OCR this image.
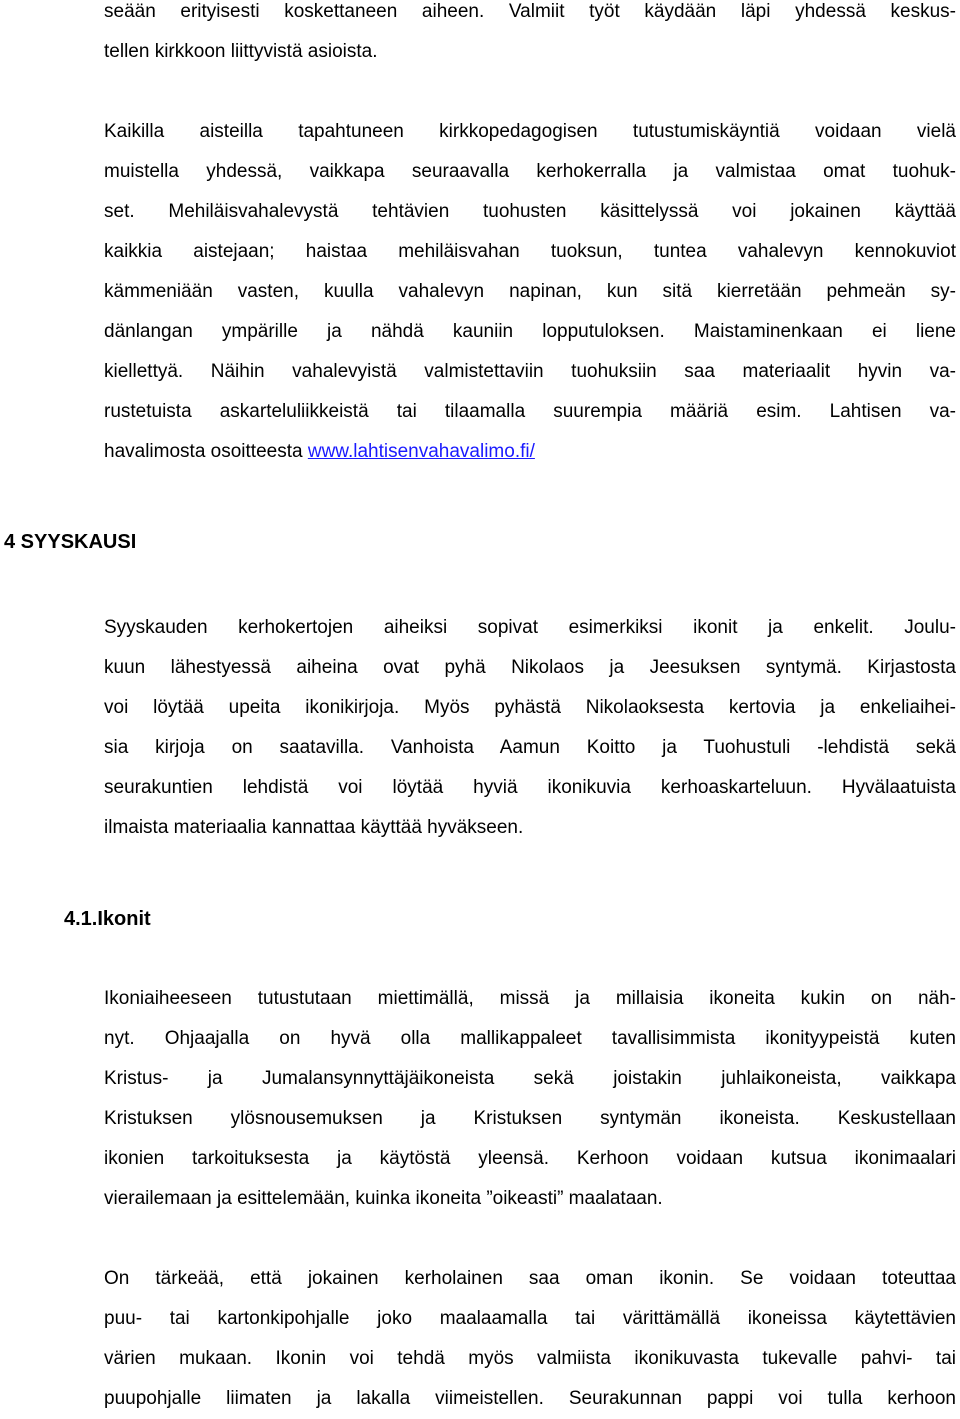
seään erityisesti koskettaneen aiheen. Valmiit työt käydään läpi yhdessä keskus-
tellen kirkkoon liittyvistä asioista.
Kaikilla aisteilla tapahtuneen kirkkopedagogisen tutustumiskäyntiä voidaan vielä
muistella yhdessä, vaikkapa seuraavalla kerhokerralla ja valmistaa omat tuohuk-
set. Mehiläisvahalevystä tehtävien tuohusten käsittelyssä voi jokainen käyttää
kaikkia aistejaan; haistaa mehiläisvahan tuoksun, tuntea vahalevyn kennokuviot
kämmeniään vasten, kuulla vahalevyn napinan, kun sitä kierretään pehmeän sy-
dänlangan ympärille ja nähdä kauniin lopputuloksen. Maistaminenkaan ei liene
kiellettyä. Näihin vahalevyistä valmistettaviin tuohuksiin saa materiaalit hyvin va-
rustetuista askarteluliikkeistä tai tilaamalla suurempia määriä esim. Lahtisen va-
havalimosta osoitteesta www.lahtisenvahavalimo.fi/
4 SYYSKAUSI
Syyskauden kerhokertojen aiheiksi sopivat esimerkiksi ikonit ja enkelit. Joulu-
kuun lähestyessä aiheina ovat pyhä Nikolaos ja Jeesuksen syntymä. Kirjastosta
voi löytää upeita ikonikirjoja. Myös pyhästä Nikolaoksesta kertovia ja enkeliaihei-
sia kirjoja on saatavilla. Vanhoista Aamun Koitto ja Tuohustuli -lehdistä sekä
seurakuntien lehdistä voi löytää hyviä ikonikuvia kerhoaskarteluun. Hyvälaatuista
ilmaista materiaalia kannattaa käyttää hyväkseen.
4.1.Ikonit
Ikoniaiheeseen tutustutaan miettimällä, missä ja millaisia ikoneita kukin on näh-
nyt. Ohjaajalla on hyvä olla mallikappaleet tavallisimmista ikonityypeistä kuten
Kristus- ja Jumalansynnyttäjäikoneista sekä joistakin juhlaikoneista, vaikkapa
Kristuksen ylösnousemuksen ja Kristuksen syntymän ikoneista. Keskustellaan
ikonien tarkoituksesta ja käytöstä yleensä. Kerhoon voidaan kutsua ikonimaalari
vierailemaan ja esittelemään, kuinka ikoneita ”oikeasti” maalataan.
On tärkeää, että jokainen kerholainen saa oman ikonin. Se voidaan toteuttaa
puu- tai kartonkipohjalle joko maalaamalla tai värittämällä ikoneissa käytettävien
värien mukaan. Ikonin voi tehdä myös valmiista ikonikuvasta tukevalle pahvi- tai
puupohjalle liimaten ja lakalla viimeistellen. Seurakunnan pappi voi tulla kerhoon
